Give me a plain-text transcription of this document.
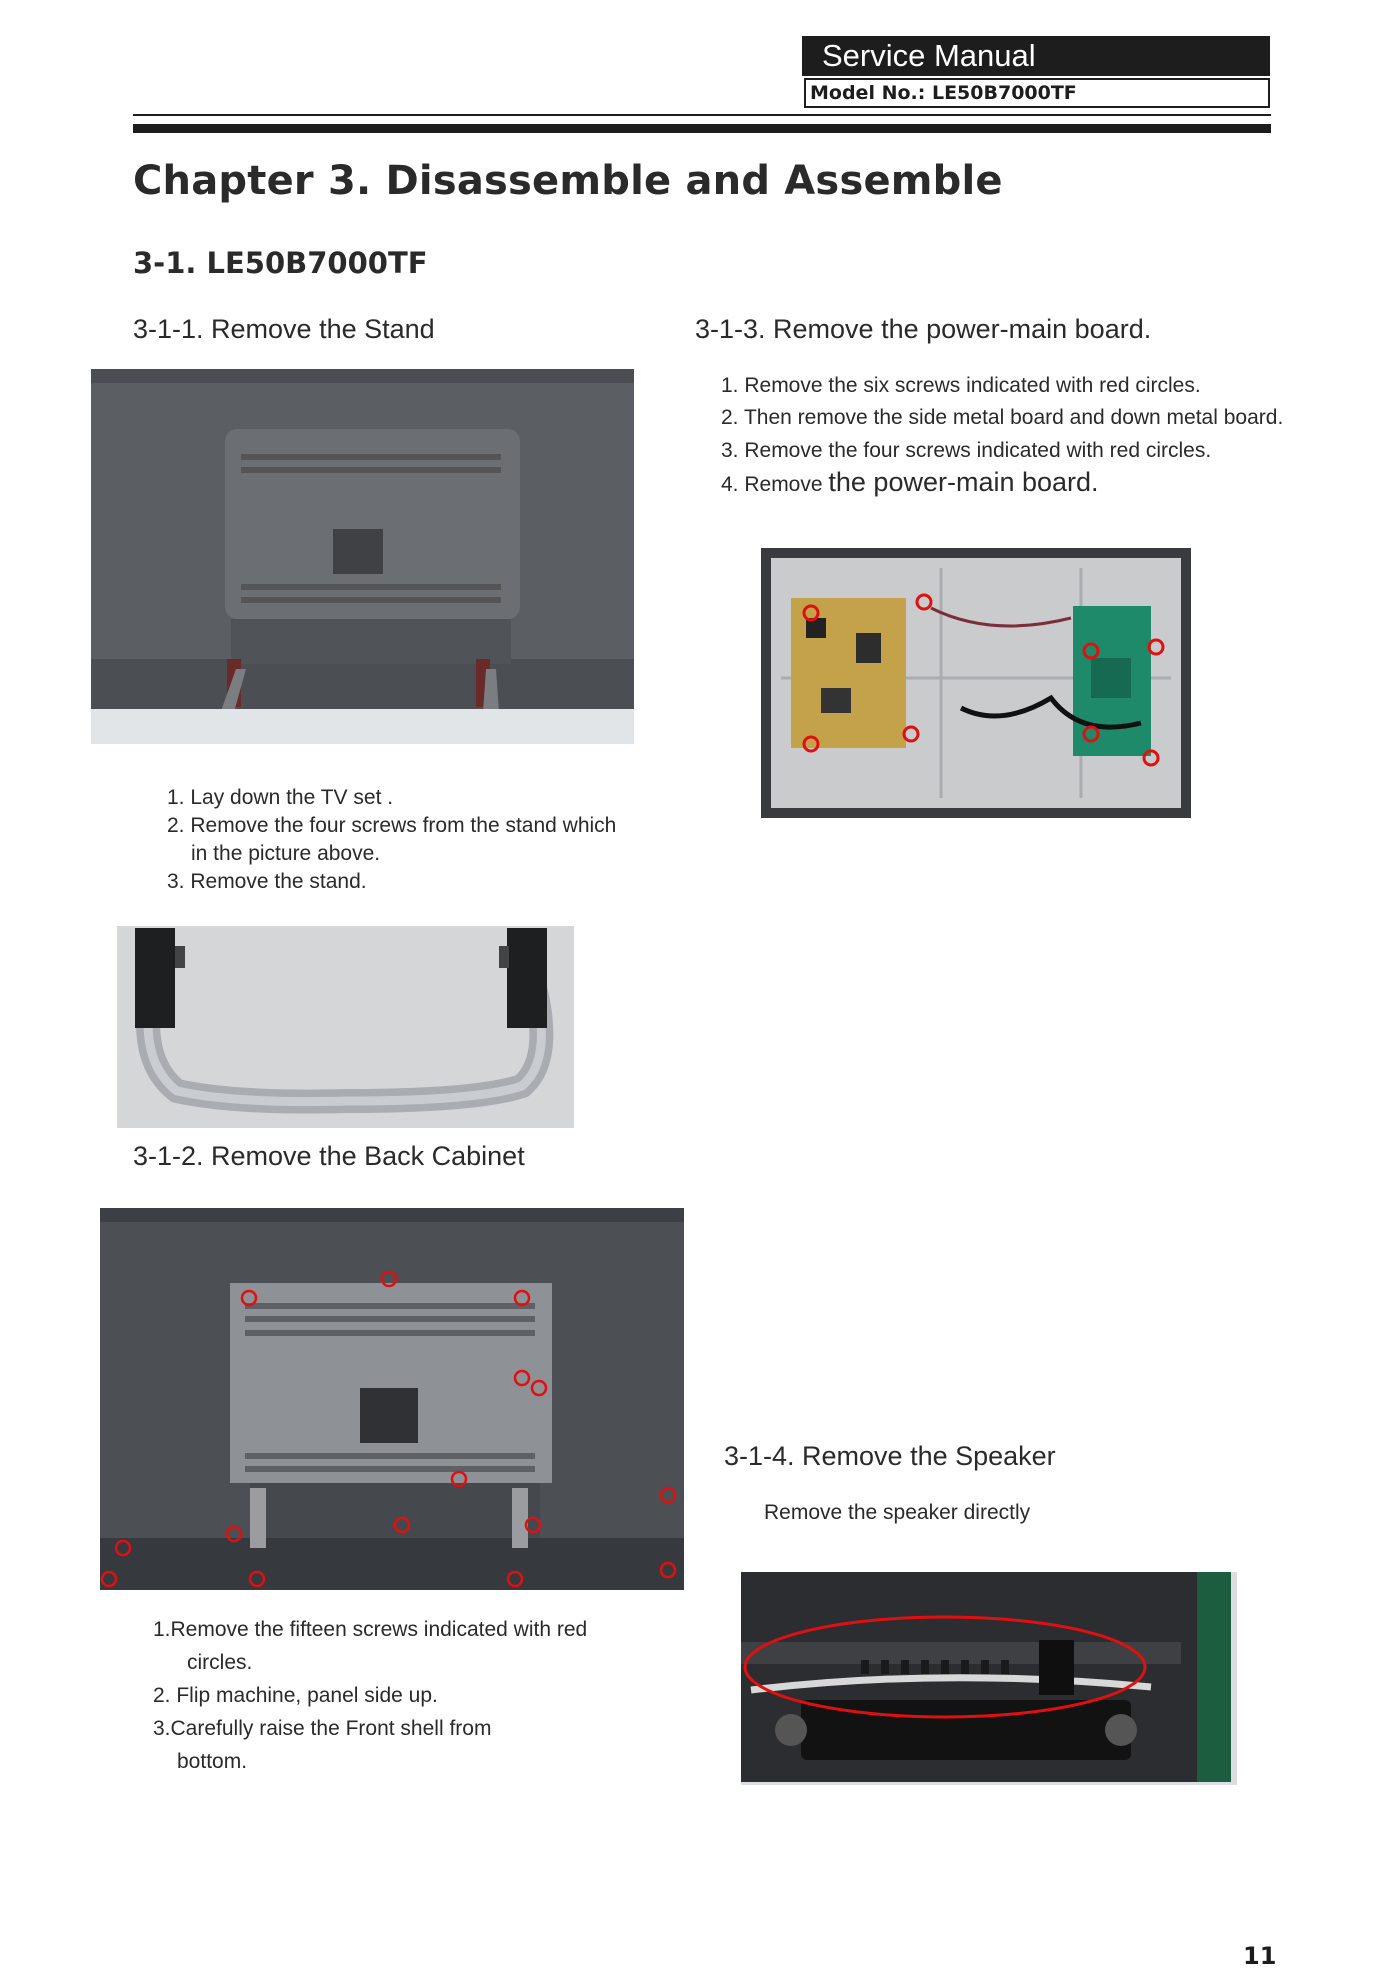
Service Manual
Model No.: LE50B7000TF
Chapter 3. Disassemble and Assemble
3-1. LE50B7000TF
3-1-1. Remove the Stand
1. Lay down the TV set .
2. Remove the four screws from the stand which
in the picture above.
3. Remove the stand.
3-1-2. Remove the Back Cabinet
1.Remove the fifteen screws indicated with red
circles.
2. Flip machine, panel side up.
3.Carefully raise the Front shell from
bottom.
3-1-3. Remove the power-main board.
1. Remove the six screws indicated with red circles.
2. Then remove the side metal board and down metal board.
3. Remove the four screws indicated with red circles.
4. Remove the power-main board.
3-1-4. Remove the Speaker
Remove the speaker directly
11
